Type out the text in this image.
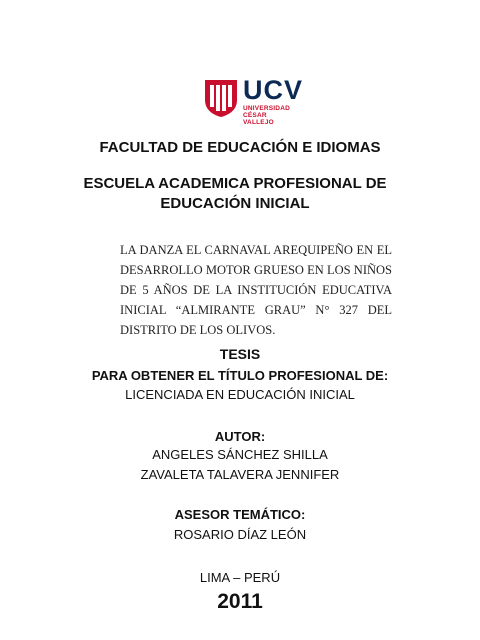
UCV
UNIVERSIDAD
CÉSAR VALLEJO
FACULTAD DE EDUCACIÓN E IDIOMAS
ESCUELA ACADEMICA PROFESIONAL DE
EDUCACIÓN INICIAL
LA DANZA EL CARNAVAL AREQUIPEÑO EN EL DESARROLLO MOTOR GRUESO EN LOS NIÑOS DE 5 AÑOS DE LA INSTITUCIÓN EDUCATIVA INICIAL “ALMIRANTE GRAU” N° 327 DEL DISTRITO DE LOS OLIVOS.
TESIS
PARA OBTENER EL TÍTULO PROFESIONAL DE:
LICENCIADA EN EDUCACIÓN INICIAL
AUTOR:
ANGELES SÁNCHEZ SHILLA
ZAVALETA TALAVERA JENNIFER
ASESOR TEMÁTICO:
ROSARIO DÍAZ LEÓN
LIMA – PERÚ
2011
